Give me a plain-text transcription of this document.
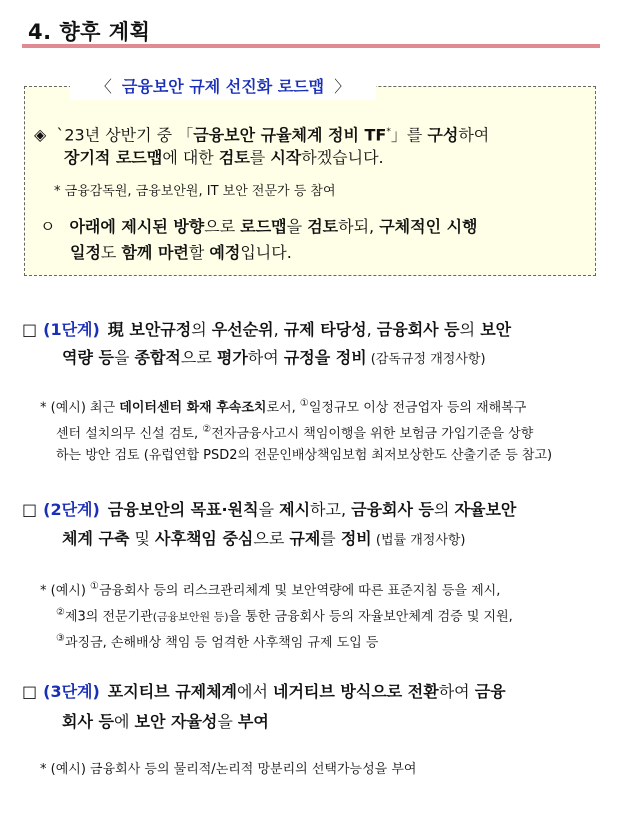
4. 향후 계획
〈 금융보안 규제 선진화 로드맵 〉
◈ `23년 상반기 중 「금융보안 규율체계 정비 TF*」를 구성하여
장기적 로드맵에 대한 검토를 시작하겠습니다.
* 금융감독원, 금융보안원, IT 보안 전문가 등 참여
ㅇ 아래에 제시된 방향으로 로드맵을 검토하되, 구체적인 시행
일정도 함께 마련할 예정입니다.
□ (1단계) 現 보안규정의 우선순위, 규제 타당성, 금융회사 등의 보안
역량 등을 종합적으로 평가하여 규정을 정비 (감독규정 개정사항)
* (예시) 최근 데이터센터 화재 후속조치로서, ①일정규모 이상 전금업자 등의 재해복구
센터 설치의무 신설 검토, ②전자금융사고시 책임이행을 위한 보험금 가입기준을 상향
하는 방안 검토 (유럽연합 PSD2의 전문인배상책임보험 최저보상한도 산출기준 등 참고)
□ (2단계) 금융보안의 목표·원칙을 제시하고, 금융회사 등의 자율보안
체계 구축 및 사후책임 중심으로 규제를 정비 (법률 개정사항)
* (예시) ①금융회사 등의 리스크관리체계 및 보안역량에 따른 표준지침 등을 제시,
②제3의 전문기관(금융보안원 등)을 통한 금융회사 등의 자율보안체계 검증 및 지원,
③과징금, 손해배상 책임 등 엄격한 사후책임 규제 도입 등
□ (3단계) 포지티브 규제체계에서 네거티브 방식으로 전환하여 금융
회사 등에 보안 자율성을 부여
* (예시) 금융회사 등의 물리적/논리적 망분리의 선택가능성을 부여
